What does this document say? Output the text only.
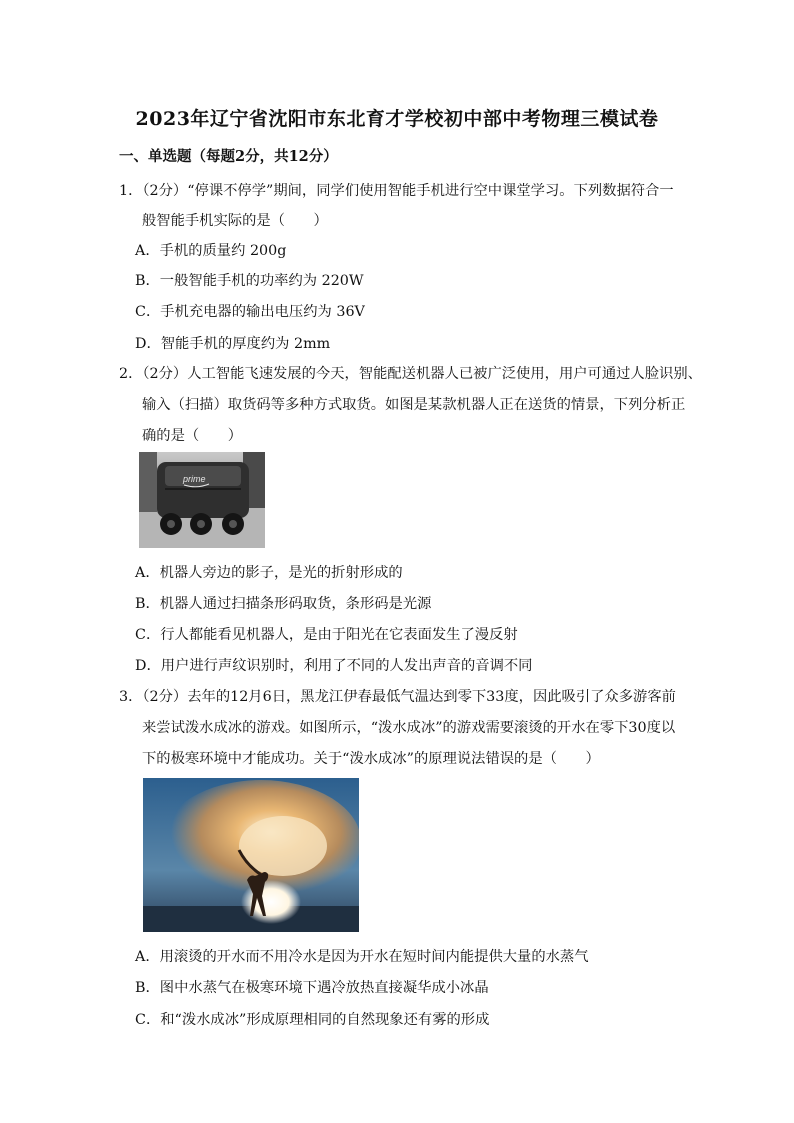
2023年辽宁省沈阳市东北育才学校初中部中考物理三模试卷
一、单选题（每题2分，共12分）
1．（2分）“停课不停学”期间，同学们使用智能手机进行空中课堂学习。下列数据符合一
般智能手机实际的是（　　）
A．手机的质量约 200g
B．一般智能手机的功率约为 220W
C．手机充电器的输出电压约为 36V
D．智能手机的厚度约为 2mm
2．（2分）人工智能飞速发展的今天，智能配送机器人已被广泛使用，用户可通过人脸识别、
输入（扫描）取货码等多种方式取货。如图是某款机器人正在送货的情景，下列分析正
确的是（　　）
prime
A．机器人旁边的影子，是光的折射形成的
B．机器人通过扫描条形码取货，条形码是光源
C．行人都能看见机器人，是由于阳光在它表面发生了漫反射
D．用户进行声纹识别时，利用了不同的人发出声音的音调不同
3．（2分）去年的12月6日，黑龙江伊春最低气温达到零下33度，因此吸引了众多游客前
来尝试泼水成冰的游戏。如图所示，“泼水成冰”的游戏需要滚烫的开水在零下30度以
下的极寒环境中才能成功。关于“泼水成冰”的原理说法错误的是（　　）
A．用滚烫的开水而不用冷水是因为开水在短时间内能提供大量的水蒸气
B．图中水蒸气在极寒环境下遇冷放热直接凝华成小冰晶
C．和“泼水成冰”形成原理相同的自然现象还有雾的形成
